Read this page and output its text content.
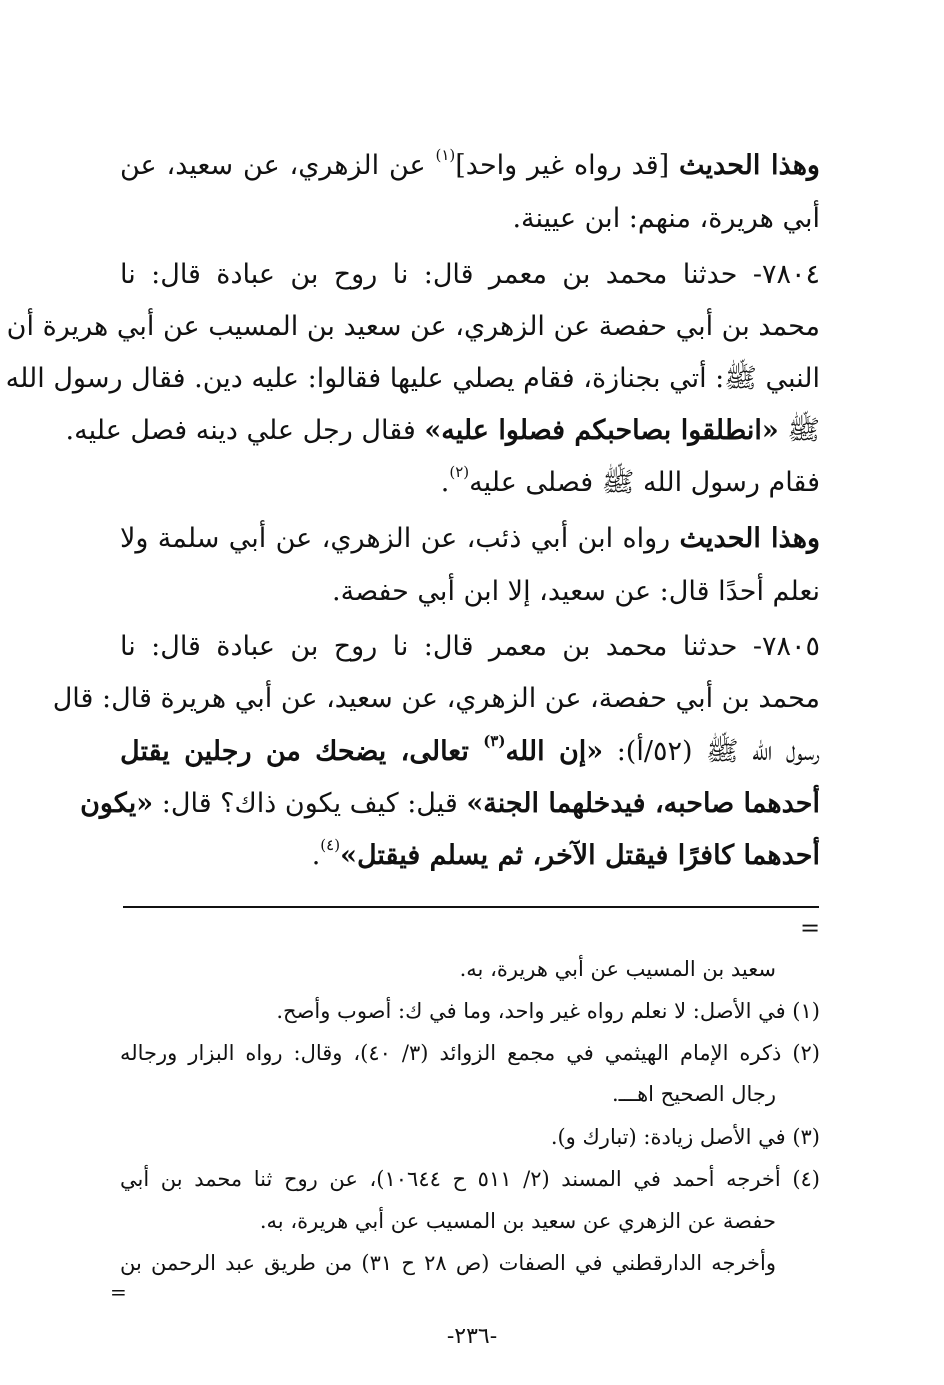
وهذا الحديث [قد رواه غير واحد]$^{(١)}$ عن الزهري، عن سعيد، عن
أبي هريرة، منهم: ابن عيينة.
٧٨٠٤- حدثنا محمد بن معمر قال: نا روح بن عبادة قال: نا
محمد بن أبي حفصة عن الزهري، عن سعيد بن المسيب عن أبي هريرة أن
النبي ﷺ: أتي بجنازة، فقام يصلي عليها فقالوا: عليه دين. فقال رسول الله
ﷺ «انطلقوا بصاحبكم فصلوا عليه» فقال رجل علي دينه فصل عليه.
فقام رسول الله ﷺ فصلى عليه$^{(٢)}$.
وهذا الحديث رواه ابن أبي ذئب، عن الزهري، عن أبي سلمة ولا
نعلم أحدًا قال: عن سعيد، إلا ابن أبي حفصة.
٧٨٠٥- حدثنا محمد بن معمر قال: نا روح بن عبادة قال: نا
محمد بن أبي حفصة، عن الزهري، عن سعيد، عن أبي هريرة قال: قال
رسول الله ﷺ (٥٢/أ): «إن الله$^{(٣)}$ تعالى، يضحك من رجلين يقتل
أحدهما صاحبه، فيدخلهما الجنة» قيل: كيف يكون ذاك؟ قال: «يكون
أحدهما كافرًا فيقتل الآخر، ثم يسلم فيقتل»$^{(٤)}$.
=
سعيد بن المسيب عن أبي هريرة، به.
(١) في الأصل: لا نعلم رواه غير واحد، وما في ك: أصوب وأصح.
(٢) ذكره الإمام الهيثمي في مجمع الزوائد (٣/ ٤٠)، وقال: رواه البزار ورجاله
رجال الصحيح اهـــ.
(٣) في الأصل زيادة: (تبارك و).
(٤) أخرجه أحمد في المسند (٢/ ٥١١ ح ١٠٦٤٤)، عن روح ثنا محمد بن أبي
حفصة عن الزهري عن سعيد بن المسيب عن أبي هريرة، به.
وأخرجه الدارقطني في الصفات (ص ٢٨ ح ٣١) من طريق عبد الرحمن بن
=
-٢٣٦-
